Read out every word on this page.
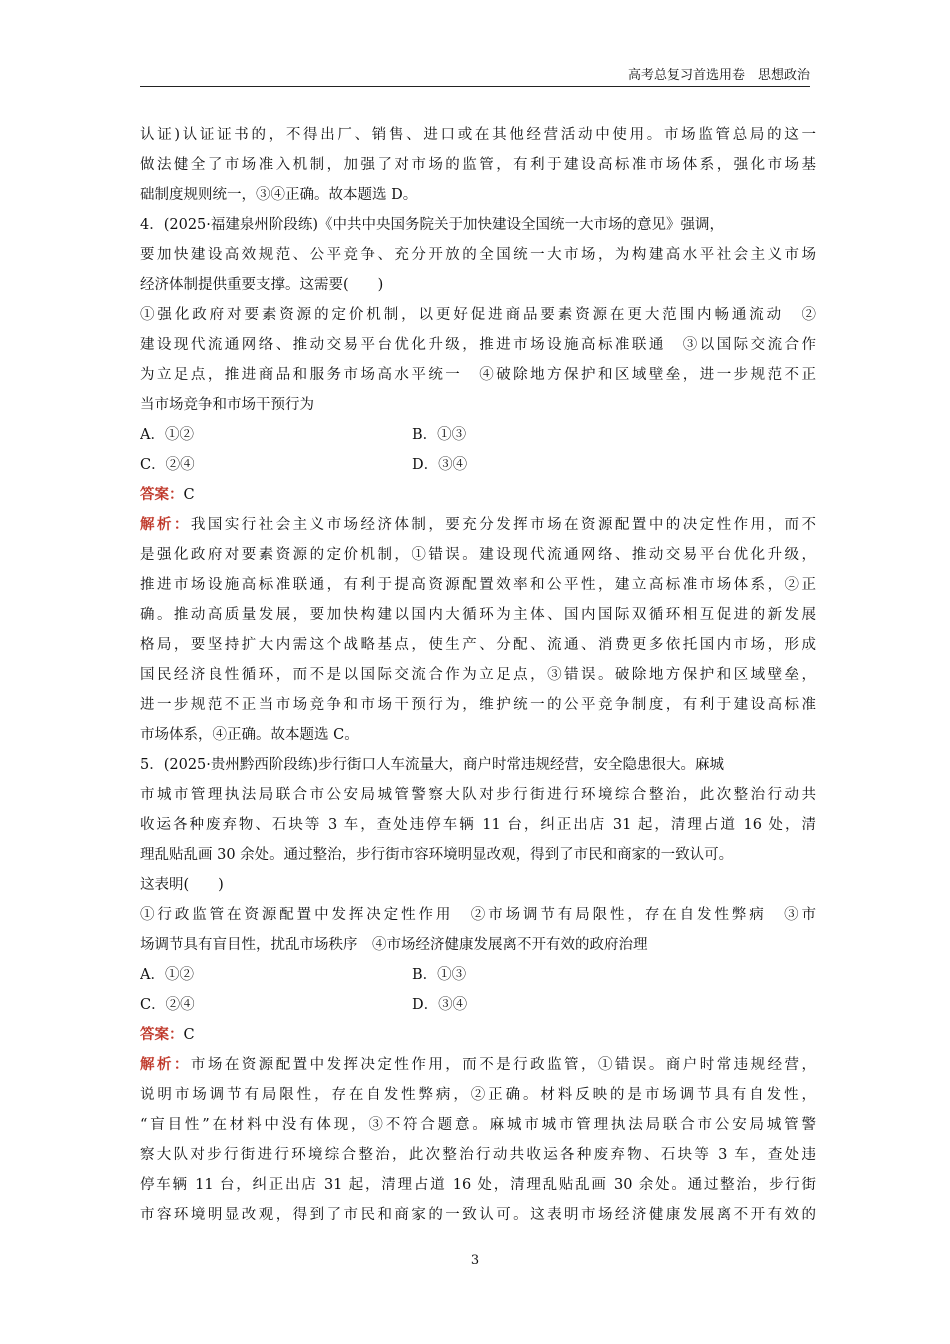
高考总复习首选用卷　思想政治
认证)认证证书的，不得出厂、销售、进口或在其他经营活动中使用。市场监管总局的这一
做法健全了市场准入机制，加强了对市场的监管，有利于建设高标准市场体系，强化市场基
础制度规则统一，③④正确。故本题选 D。
4．(2025·福建泉州阶段练)《中共中央国务院关于加快建设全国统一大市场的意见》强调，
要加快建设高效规范、公平竞争、充分开放的全国统一大市场，为构建高水平社会主义市场
经济体制提供重要支撑。这需要(　　)
①强化政府对要素资源的定价机制，以更好促进商品要素资源在更大范围内畅通流动　②
建设现代流通网络、推动交易平台优化升级，推进市场设施高标准联通　③以国际交流合作
为立足点，推进商品和服务市场高水平统一　④破除地方保护和区域壁垒，进一步规范不正
当市场竞争和市场干预行为
A．①②	B．①③
C．②④	D．③④
答案：C
解析：我国实行社会主义市场经济体制，要充分发挥市场在资源配置中的决定性作用，而不
是强化政府对要素资源的定价机制，①错误。建设现代流通网络、推动交易平台优化升级，
推进市场设施高标准联通，有利于提高资源配置效率和公平性，建立高标准市场体系，②正
确。推动高质量发展，要加快构建以国内大循环为主体、国内国际双循环相互促进的新发展
格局，要坚持扩大内需这个战略基点，使生产、分配、流通、消费更多依托国内市场，形成
国民经济良性循环，而不是以国际交流合作为立足点，③错误。破除地方保护和区域壁垒，
进一步规范不正当市场竞争和市场干预行为，维护统一的公平竞争制度，有利于建设高标准
市场体系，④正确。故本题选 C。
5．(2025·贵州黔西阶段练)步行街口人车流量大，商户时常违规经营，安全隐患很大。麻城
市城市管理执法局联合市公安局城管警察大队对步行街进行环境综合整治，此次整治行动共
收运各种废弃物、石块等 3 车，查处违停车辆 11 台，纠正出店 31 起，清理占道 16 处，清
理乱贴乱画 30 余处。通过整治，步行街市容环境明显改观，得到了市民和商家的一致认可。
这表明(　　)
①行政监管在资源配置中发挥决定性作用　②市场调节有局限性，存在自发性弊病　③市
场调节具有盲目性，扰乱市场秩序　④市场经济健康发展离不开有效的政府治理
A．①②	B．①③
C．②④	D．③④
答案：C
解析：市场在资源配置中发挥决定性作用，而不是行政监管，①错误。商户时常违规经营，
说明市场调节有局限性，存在自发性弊病，②正确。材料反映的是市场调节具有自发性，
“盲目性”在材料中没有体现，③不符合题意。麻城市城市管理执法局联合市公安局城管警
察大队对步行街进行环境综合整治，此次整治行动共收运各种废弃物、石块等 3 车，查处违
停车辆 11 台，纠正出店 31 起，清理占道 16 处，清理乱贴乱画 30 余处。通过整治，步行街
市容环境明显改观，得到了市民和商家的一致认可。这表明市场经济健康发展离不开有效的
3
